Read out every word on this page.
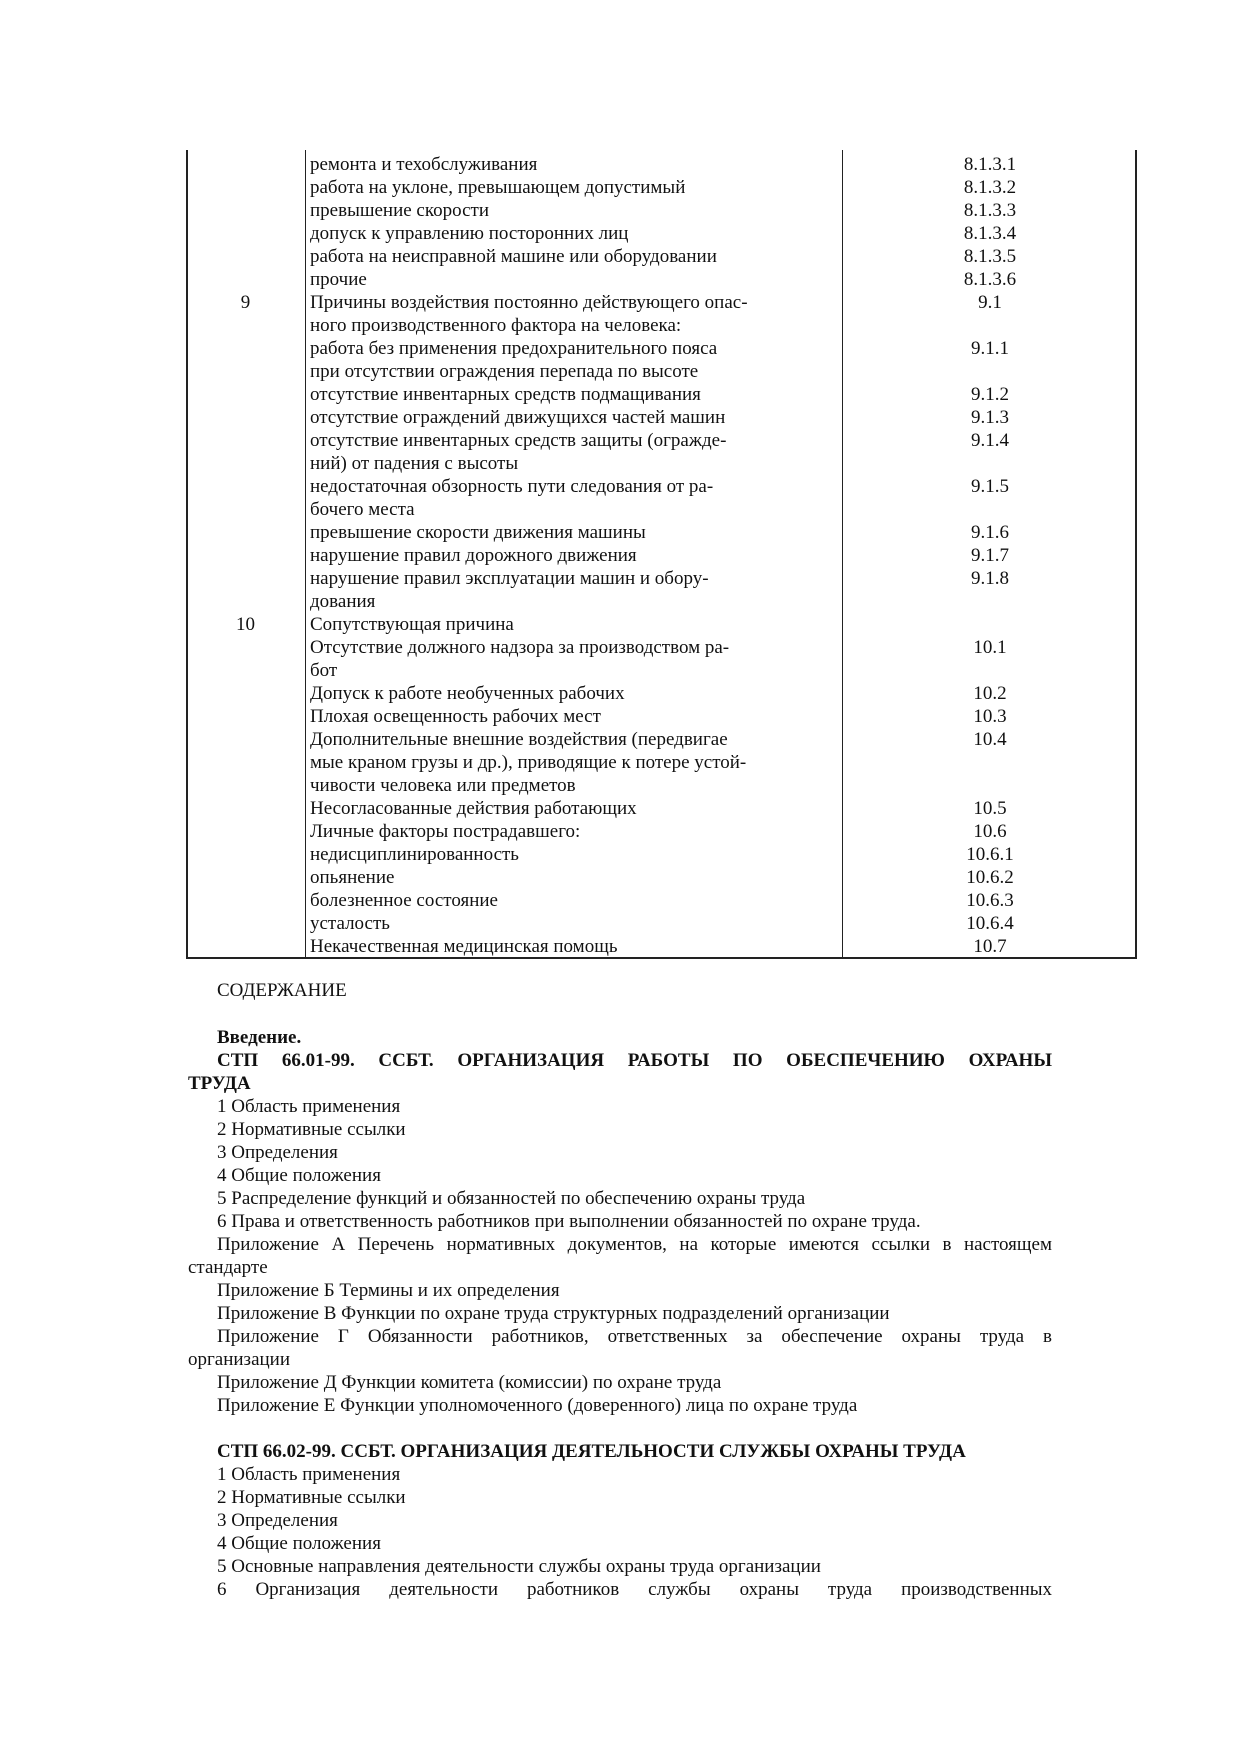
ремонта и техобслуживания	8.1.3.1
работа на уклоне, превышающем допустимый	8.1.3.2
превышение скорости	8.1.3.3
допуск к управлению посторонних лиц	8.1.3.4
работа на неисправной машине или оборудовании	8.1.3.5
прочие	8.1.3.6
9	Причины воздействия постоянно действующего опас-	9.1
ного производственного фактора на человека:
работа без применения предохранительного пояса	9.1.1
при отсутствии ограждения перепада по высоте
отсутствие инвентарных средств подмащивания	9.1.2
отсутствие ограждений движущихся частей машин	9.1.3
отсутствие инвентарных средств защиты (огражде-	9.1.4
ний) от падения с высоты
недостаточная обзорность пути следования от ра-	9.1.5
бочего места
превышение скорости движения машины	9.1.6
нарушение правил дорожного движения	9.1.7
нарушение правил эксплуатации машин и обору-	9.1.8
дования
10	Сопутствующая причина
Отсутствие должного надзора за производством ра-	10.1
бот
Допуск к работе необученных рабочих	10.2
Плохая освещенность рабочих мест	10.3
Дополнительные внешние воздействия (передвигае	10.4
мые краном грузы и др.), приводящие к потере устой-
чивости человека или предметов
Несогласованные действия работающих	10.5
Личные факторы пострадавшего:	10.6
недисциплинированность	10.6.1
опьянение	10.6.2
болезненное состояние	10.6.3
усталость	10.6.4
Некачественная медицинская помощь	10.7
СОДЕРЖАНИЕ
Введение.
СТП 66.01-99. ССБТ. ОРГАНИЗАЦИЯ РАБОТЫ ПО ОБЕСПЕЧЕНИЮ ОХРАНЫ
ТРУДА
1 Область применения
2 Нормативные ссылки
3 Определения
4 Общие положения
5 Распределение функций и обязанностей по обеспечению охраны труда
6 Права и ответственность работников при выполнении обязанностей по охране труда.
Приложение А Перечень нормативных документов, на которые имеются ссылки в настоящем
стандарте
Приложение Б Термины и их определения
Приложение В Функции по охране труда структурных подразделений организации
Приложение Г Обязанности работников, ответственных за обеспечение охраны труда в
организации
Приложение Д Функции комитета (комиссии) по охране труда
Приложение Е Функции уполномоченного (доверенного) лица по охране труда
СТП 66.02-99. ССБТ. ОРГАНИЗАЦИЯ ДЕЯТЕЛЬНОСТИ СЛУЖБЫ ОХРАНЫ ТРУДА
1 Область применения
2 Нормативные ссылки
3 Определения
4 Общие положения
5 Основные направления деятельности службы охраны труда организации
6 Организация деятельности работников службы охраны труда производственных
